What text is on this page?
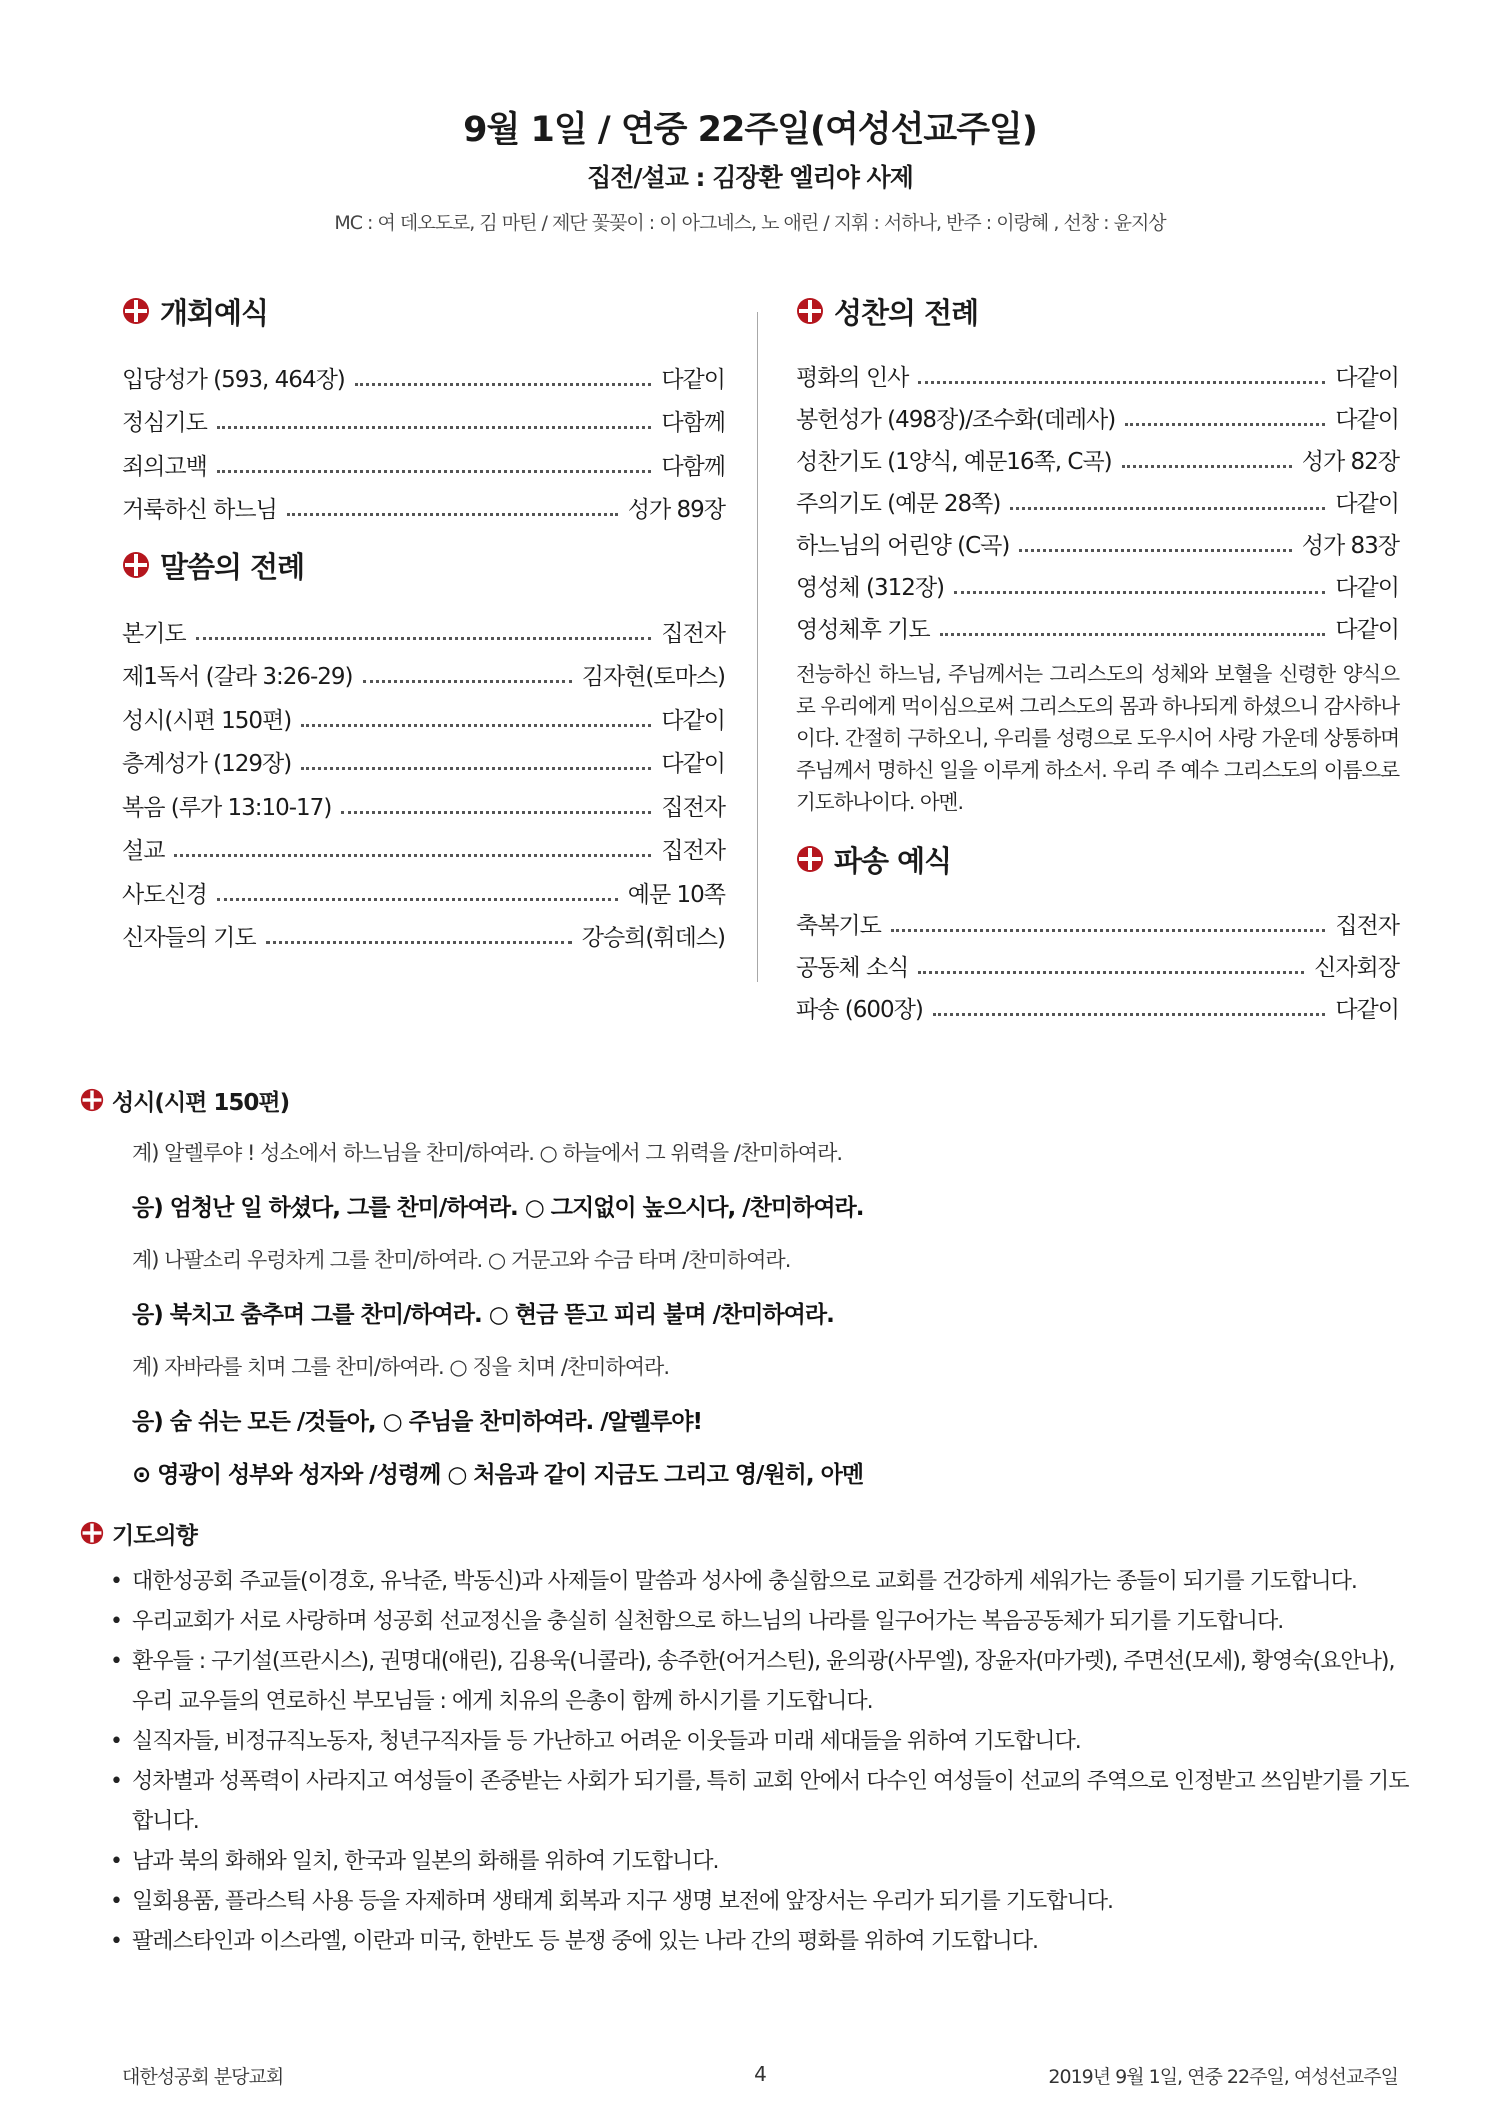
9월 1일 / 연중 22주일(여성선교주일)
집전/설교 : 김장환 엘리야 사제
MC : 여 데오도로, 김 마틴 / 제단 꽃꽂이 : 이 아그네스, 노 애린 / 지휘 : 서하나, 반주 : 이랑혜 , 선창 : 윤지상
개회예식
입당성가 (593, 464장)	다같이
정심기도	다함께
죄의고백	다함께
거룩하신 하느님	성가 89장
말씀의 전례
본기도	집전자
제1독서 (갈라 3:26-29)	김자현(토마스)
성시(시편 150편)	다같이
층계성가 (129장)	다같이
복음 (루가 13:10-17)	집전자
설교	집전자
사도신경	예문 10쪽
신자들의 기도	강승희(휘데스)
성찬의 전례
평화의 인사	다같이
봉헌성가 (498장)/조수화(데레사)	다같이
성찬기도 (1양식, 예문16쪽, C곡)	성가 82장
주의기도 (예문 28쪽)	다같이
하느님의 어린양 (C곡)	성가 83장
영성체 (312장)	다같이
영성체후 기도	다같이

전능하신 하느님, 주님께서는 그리스도의 성체와 보혈을 신령한 양식으로 우리에게 먹이심으로써 그리스도의 몸과 하나되게 하셨으니 감사하나이다. 간절히 구하오니, 우리를 성령으로 도우시어 사랑 가운데 상통하며 주님께서 명하신 일을 이루게 하소서. 우리 주 예수 그리스도의 이름으로 기도하나이다. 아멘.

파송 예식
축복기도	집전자
공동체 소식	신자회장
파송 (600장)	다같이
성시(시편 150편)
계) 알렐루야 ! 성소에서 하느님을 찬미/하여라. ○ 하늘에서 그 위력을 /찬미하여라.
응) 엄청난 일 하셨다, 그를 찬미/하여라. ○ 그지없이 높으시다, /찬미하여라.
계) 나팔소리 우렁차게 그를 찬미/하여라. ○ 거문고와 수금 타며 /찬미하여라.
응) 북치고 춤추며 그를 찬미/하여라. ○ 현금 뜯고 피리 불며 /찬미하여라.
계) 자바라를 치며 그를 찬미/하여라. ○ 징을 치며 /찬미하여라.
응) 숨 쉬는 모든 /것들아, ○ 주님을 찬미하여라. /알렐루야!
⊙ 영광이 성부와 성자와 /성령께 ○ 처음과 같이 지금도 그리고 영/원히, 아멘
기도의향
• 대한성공회 주교들(이경호, 유낙준, 박동신)과 사제들이 말씀과 성사에 충실함으로 교회를 건강하게 세워가는 종들이 되기를 기도합니다.
• 우리교회가 서로 사랑하며 성공회 선교정신을 충실히 실천함으로 하느님의 나라를 일구어가는 복음공동체가 되기를 기도합니다.
• 환우들 : 구기설(프란시스), 권명대(애린), 김용욱(니콜라), 송주한(어거스틴), 윤의광(사무엘), 장윤자(마가렛), 주면선(모세), 황영숙(요안나), 우리 교우들의 연로하신 부모님들 : 에게 치유의 은총이 함께 하시기를 기도합니다.
• 실직자들, 비정규직노동자, 청년구직자들 등 가난하고 어려운 이웃들과 미래 세대들을 위하여 기도합니다.
• 성차별과 성폭력이 사라지고 여성들이 존중받는 사회가 되기를, 특히 교회 안에서 다수인 여성들이 선교의 주역으로 인정받고 쓰임받기를 기도합니다.
• 남과 북의 화해와 일치, 한국과 일본의 화해를 위하여 기도합니다.
• 일회용품, 플라스틱 사용 등을 자제하며 생태계 회복과 지구 생명 보전에 앞장서는 우리가 되기를 기도합니다.
• 팔레스타인과 이스라엘, 이란과 미국, 한반도 등 분쟁 중에 있는 나라 간의 평화를 위하여 기도합니다.
대한성공회 분당교회	4	2019년 9월 1일, 연중 22주일, 여성선교주일
